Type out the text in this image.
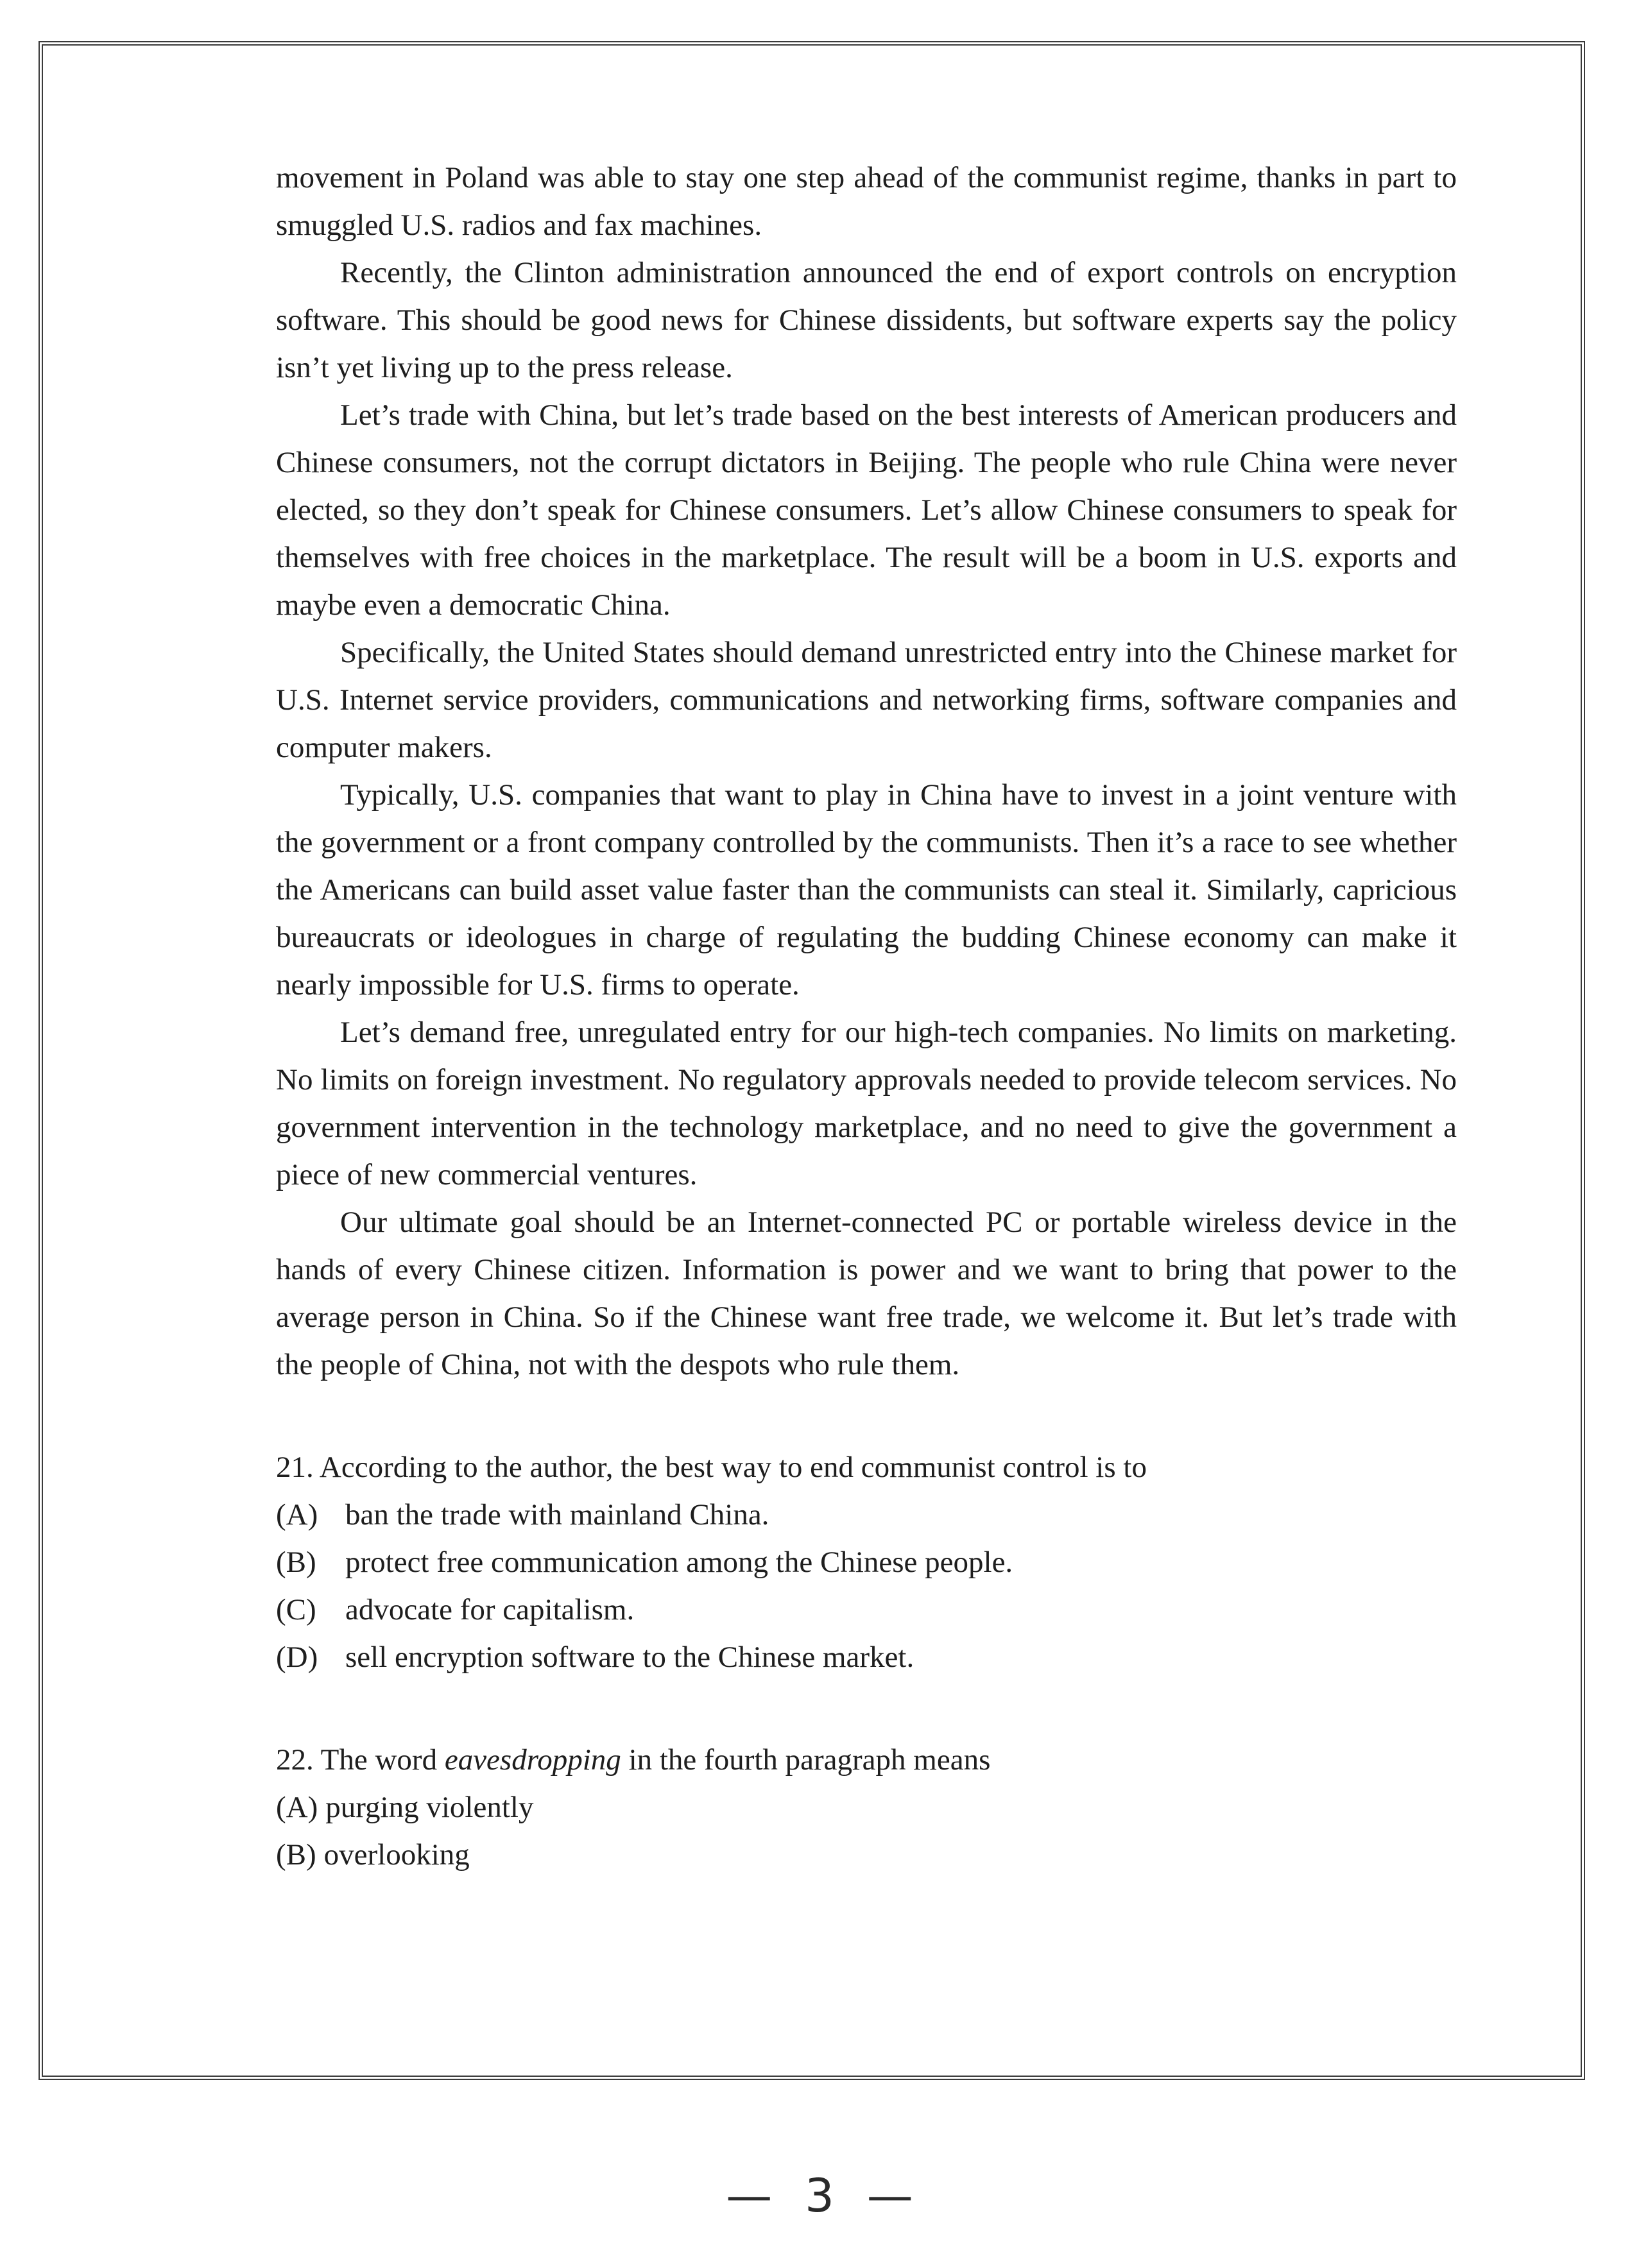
movement in Poland was able to stay one step ahead of the communist regime, thanks in part to smuggled U.S. radios and fax machines.

Recently, the Clinton administration announced the end of export controls on encryption software. This should be good news for Chinese dissidents, but software experts say the policy isn’t yet living up to the press release.

Let’s trade with China, but let’s trade based on the best interests of American producers and Chinese consumers, not the corrupt dictators in Beijing. The people who rule China were never elected, so they don’t speak for Chinese consumers. Let’s allow Chinese consumers to speak for themselves with free choices in the marketplace. The result will be a boom in U.S. exports and maybe even a democratic China.

Specifically, the United States should demand unrestricted entry into the Chinese market for U.S. Internet service providers, communications and networking firms, software companies and computer makers.

Typically, U.S. companies that want to play in China have to invest in a joint venture with the government or a front company controlled by the communists. Then it’s a race to see whether the Americans can build asset value faster than the communists can steal it. Similarly, capricious bureaucrats or ideologues in charge of regulating the budding Chinese economy can make it nearly impossible for U.S. firms to operate.

Let’s demand free, unregulated entry for our high-tech companies. No limits on marketing. No limits on foreign investment. No regulatory approvals needed to provide telecom services. No government intervention in the technology marketplace, and no need to give the government a piece of new commercial ventures.

Our ultimate goal should be an Internet-connected PC or portable wireless device in the hands of every Chinese citizen. Information is power and we want to bring that power to the average person in China. So if the Chinese want free trade, we welcome it. But let’s trade with the people of China, not with the despots who rule them.

21. According to the author, the best way to end communist control is to

(A) ban the trade with mainland China.

(B) protect free communication among the Chinese people.

(C) advocate for capitalism.

(D) sell encryption software to the Chinese market.

22. The word eavesdropping in the fourth paragraph means

(A) purging violently

(B) overlooking

— 3 —
